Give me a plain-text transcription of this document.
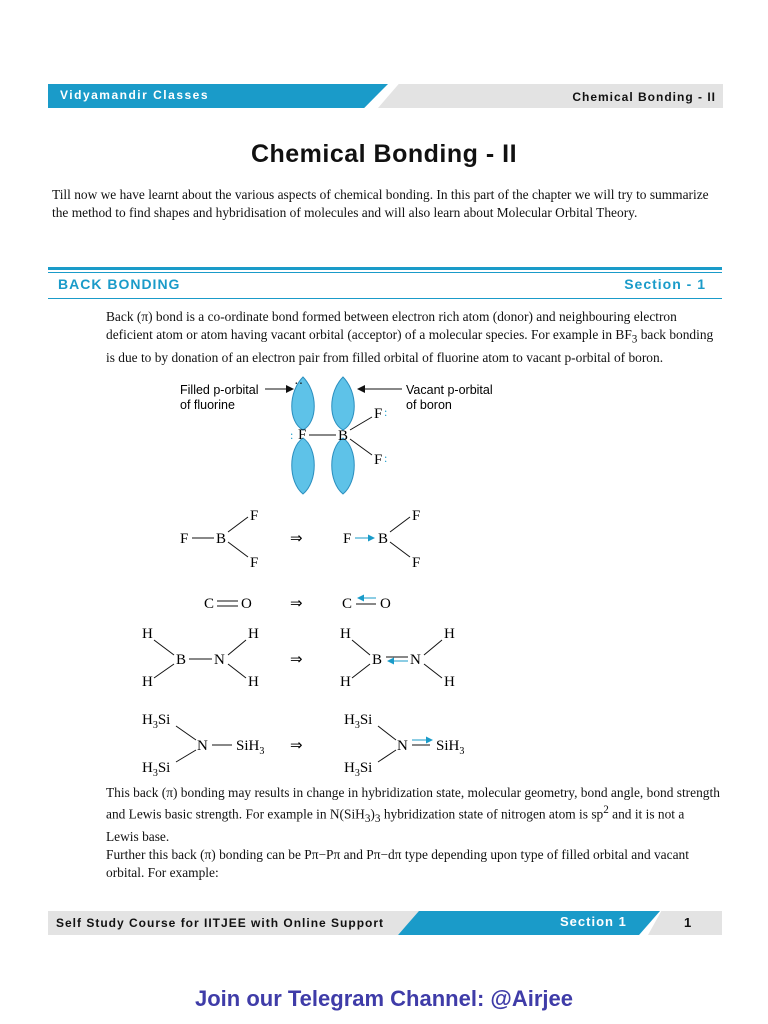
Vidyamandir Classes	Chemical Bonding - II
Chemical Bonding - II
Till now we have learnt about the various aspects of chemical bonding. In this part of the chapter we will try to summarize the method to find shapes and hybridisation of molecules and will also learn about Molecular Orbital Theory.
BACK BONDING	Section - 1
Back (π) bond is a co-ordinate bond formed between electron rich atom (donor) and neighbouring electron deficient atom or atom having vacant orbital (acceptor) of a molecular species. For example in $BF_3$ back bonding is due to by donation of an electron pair from filled orbital of fluorine atom to vacant p-orbital of boron.
Filled p-orbital
of fluorine
Vacant p-orbital
of boron
··
F B
F
F
:
:
:
F B
F
F
⇒	F B
F
F
C O	⇒	C O
H
H
B N
H
H
⇒
H
H
B N
H
H
$H_3Si$
$H_3Si$
N SiH$_3$ ⇒
$H_3Si$
$H_3Si$
N SiH$_3$
This back (π) bonding may results in change in hybridization state, molecular geometry, bond angle, bond strength and Lewis basic strength. For example in $N(SiH_3)_3$ hybridization state of nitrogen atom is $sp^2$ and it is not a Lewis base.
Further this back (π) bonding can be Pπ−Pπ and Pπ−dπ type depending upon type of filled orbital and vacant orbital. For example:
Self Study Course for IITJEE with Online Support	Section 1	1
Join our Telegram Channel: @Airjee
